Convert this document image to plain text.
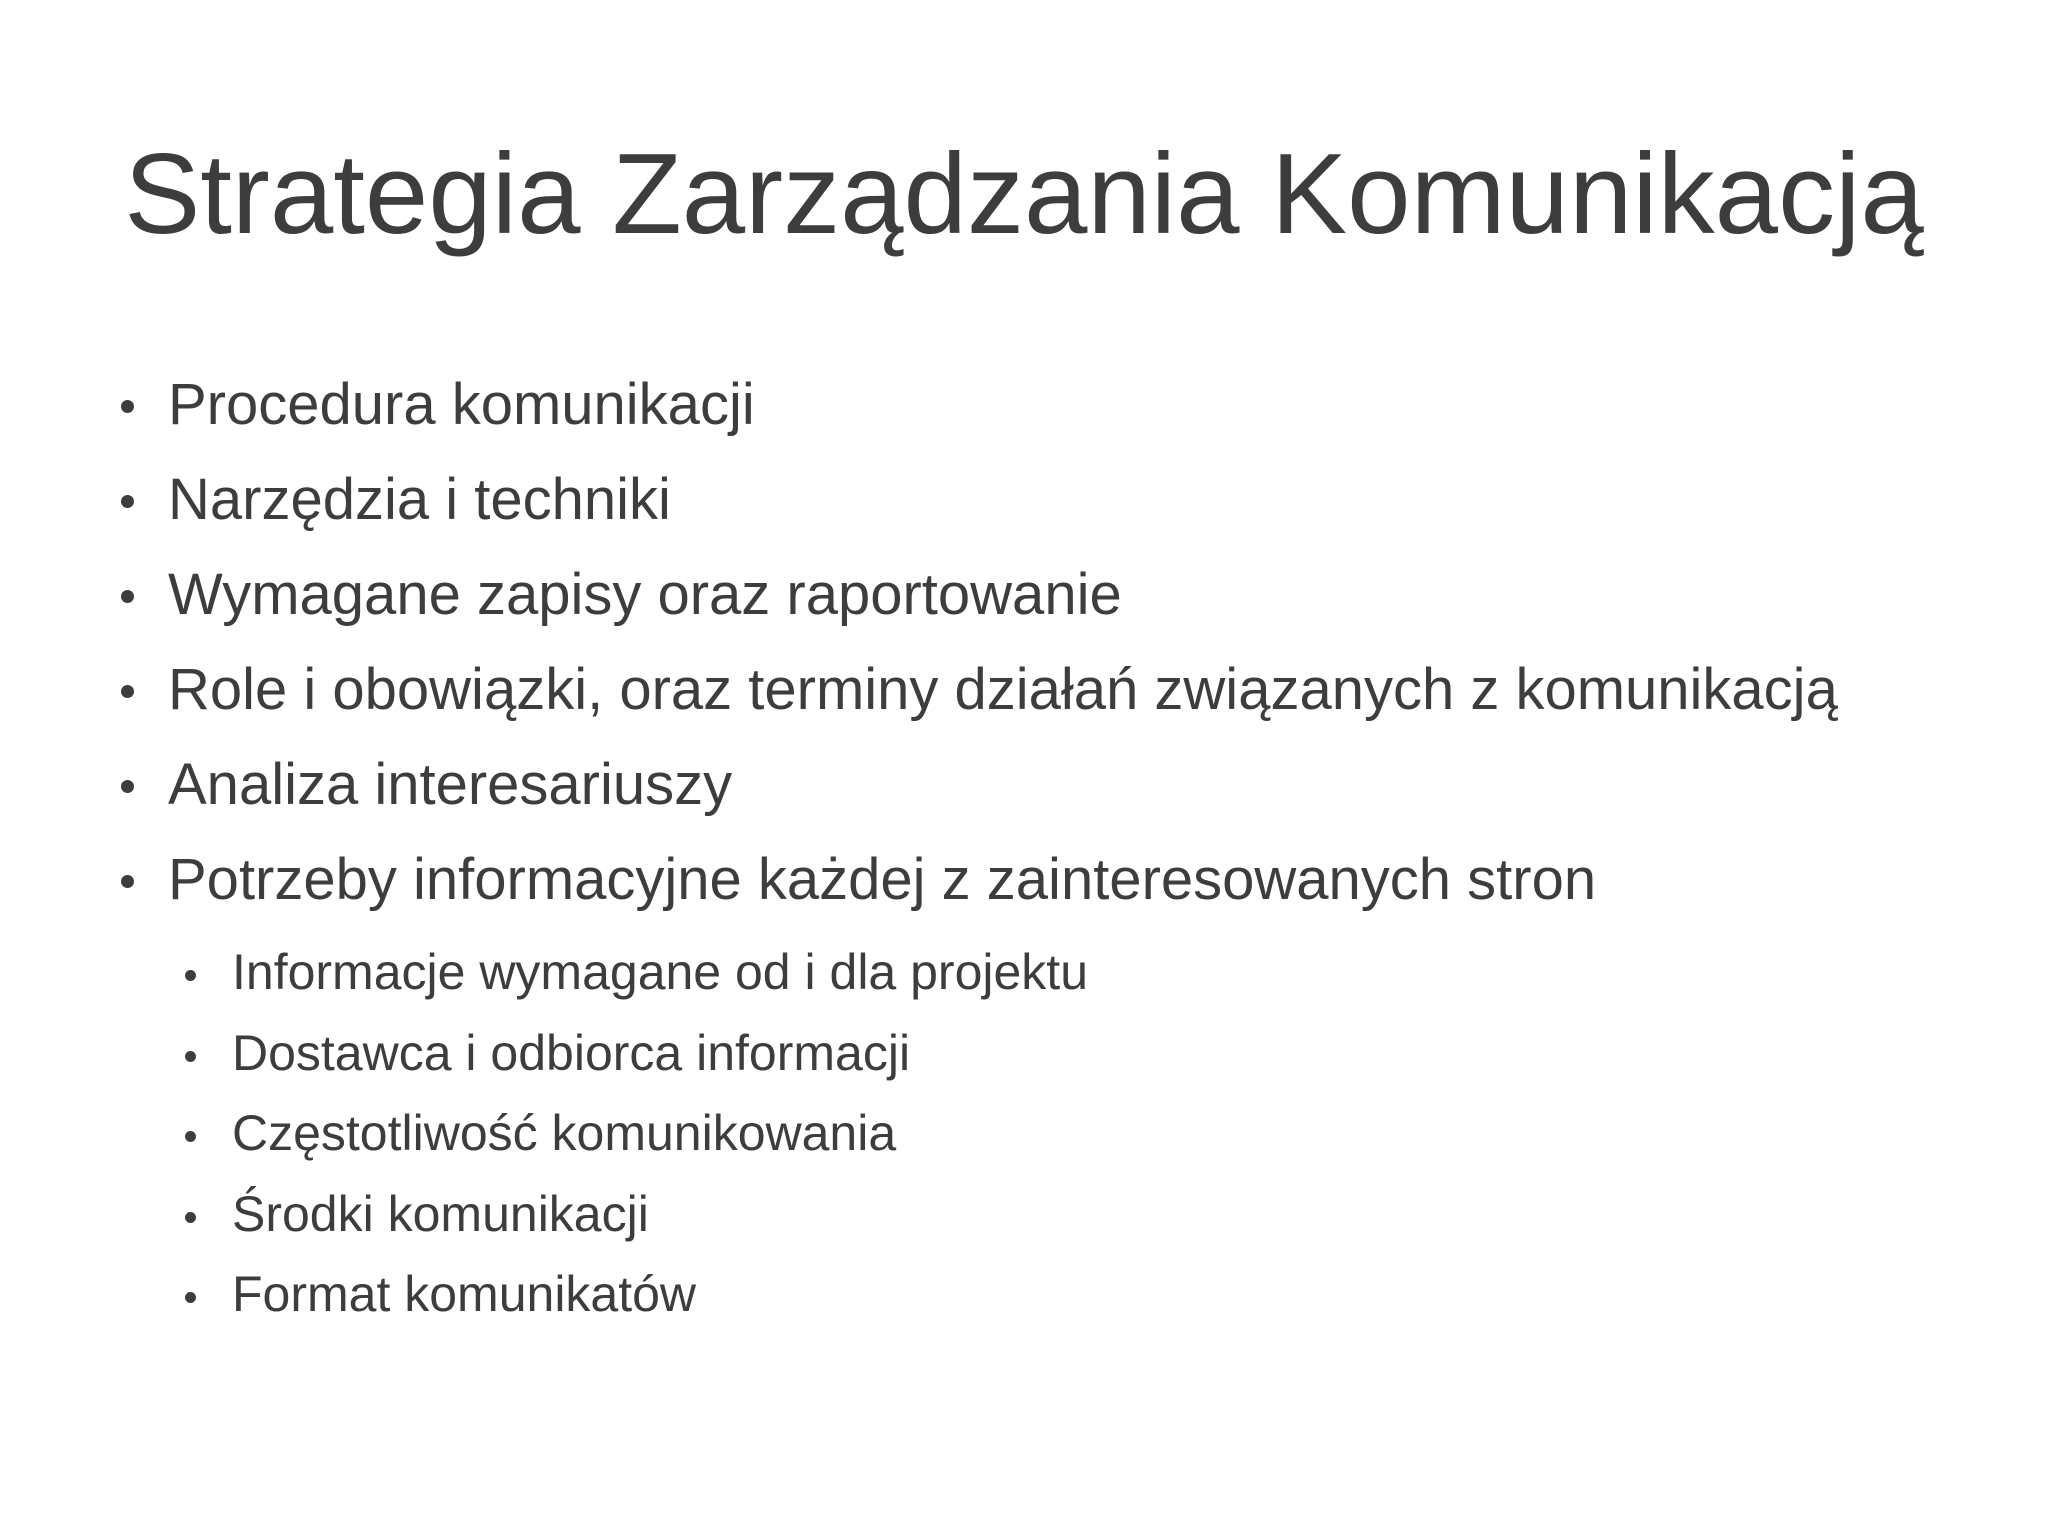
Strategia Zarządzania Komunikacją
Procedura komunikacji
Narzędzia i techniki
Wymagane zapisy oraz raportowanie
Role i obowiązki, oraz terminy działań związanych z komunikacją
Analiza interesariuszy
Potrzeby informacyjne każdej z zainteresowanych stron
Informacje wymagane od i dla projektu
Dostawca i odbiorca informacji
Częstotliwość komunikowania
Środki komunikacji
Format komunikatów
